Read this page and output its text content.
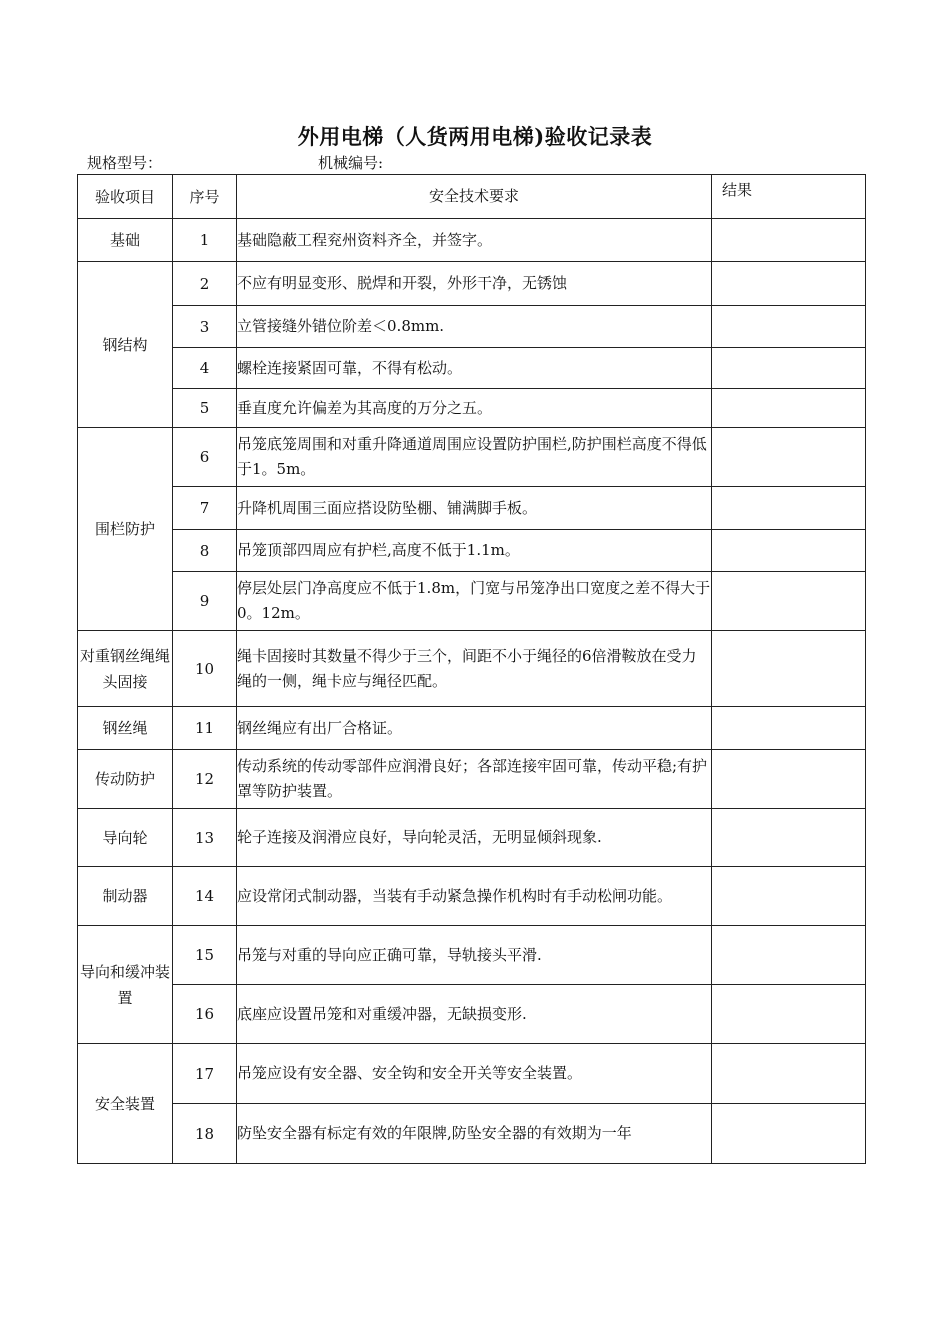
外用电梯（人货两用电梯)验收记录表
规格型号：	机械编号:
验收项目	序号	安全技术要求	结果
基础	1	基础隐蔽工程兖州资料齐全，并签字。	
钢结构	2	不应有明显变形、脱焊和开裂，外形干净，无锈蚀	
	3	立管接缝外错位阶差＜0.8mm.	
	4	螺栓连接紧固可靠，不得有松动。	
	5	垂直度允许偏差为其高度的万分之五。	
围栏防护	6	吊笼底笼周围和对重升降通道周围应设置防护围栏,防护围栏高度不得低于1。5m。	
	7	升降机周围三面应搭设防坠棚、铺满脚手板。	
	8	吊笼顶部四周应有护栏,高度不低于1.1m。	
	9	停层处层门净高度应不低于1.8m，门宽与吊笼净出口宽度之差不得大于0。12m。	
对重钢丝绳绳头固接	10	绳卡固接时其数量不得少于三个，间距不小于绳径的6倍滑鞍放在受力绳的一侧，绳卡应与绳径匹配。	
钢丝绳	11	钢丝绳应有出厂合格证。	
传动防护	12	传动系统的传动零部件应润滑良好；各部连接牢固可靠，传动平稳;有护罩等防护装置。	
导向轮	13	轮子连接及润滑应良好，导向轮灵活，无明显倾斜现象.	
制动器	14	应设常闭式制动器，当装有手动紧急操作机构时有手动松闸功能。	
导向和缓冲装置	15	吊笼与对重的导向应正确可靠，导轨接头平滑.	
	16	底座应设置吊笼和对重缓冲器，无缺损变形.	
安全装置	17	吊笼应设有安全器、安全钩和安全开关等安全装置。	
	18	防坠安全器有标定有效的年限牌,防坠安全器的有效期为一年	
